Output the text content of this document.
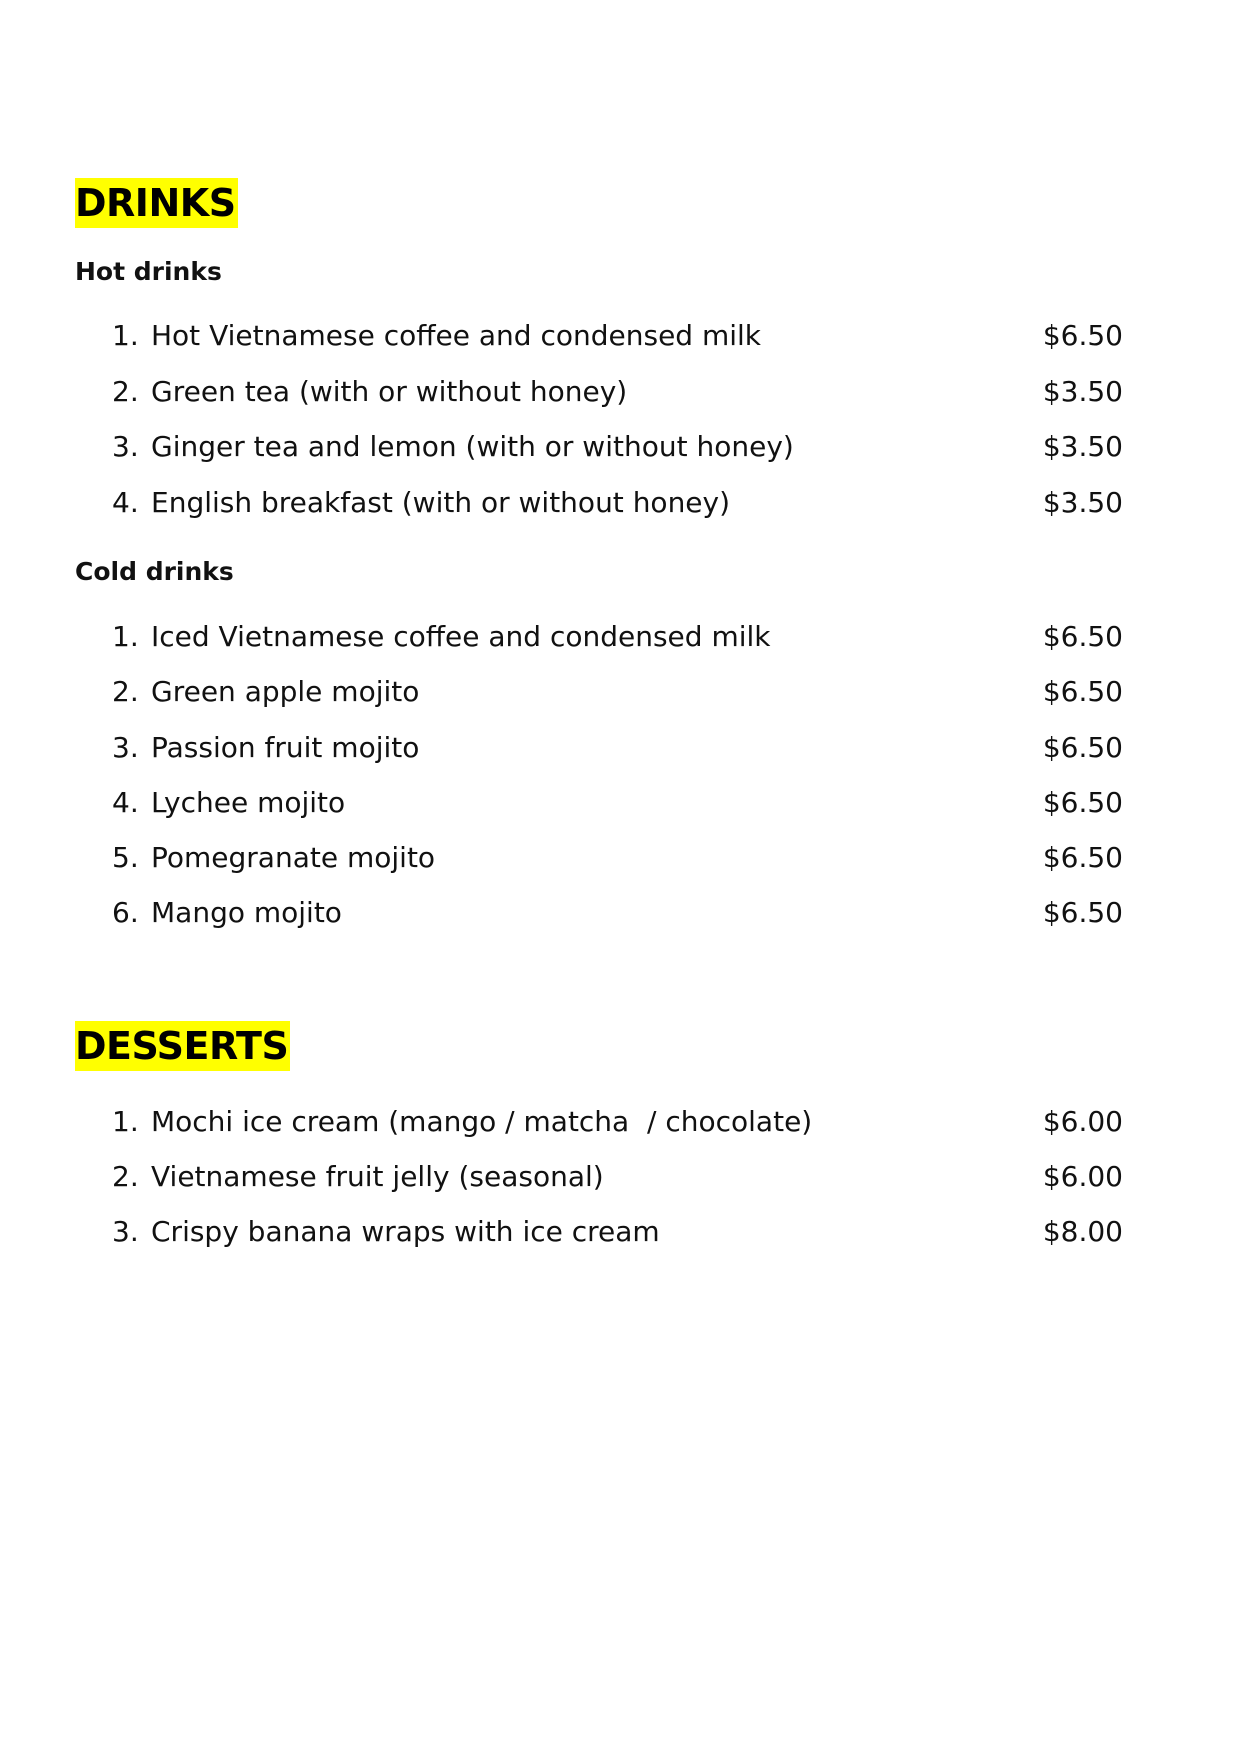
DRINKS
Hot drinks
1. Hot Vietnamese coffee and condensed milk	$6.50
2. Green tea (with or without honey)	$3.50
3. Ginger tea and lemon (with or without honey)	$3.50
4. English breakfast (with or without honey)	$3.50
Cold drinks
1. Iced Vietnamese coffee and condensed milk	$6.50
2. Green apple mojito	$6.50
3. Passion fruit mojito	$6.50
4. Lychee mojito	$6.50
5. Pomegranate mojito	$6.50
6. Mango mojito	$6.50
DESSERTS
1. Mochi ice cream (mango / matcha  / chocolate)	$6.00
2. Vietnamese fruit jelly (seasonal)	$6.00
3. Crispy banana wraps with ice cream	$8.00
